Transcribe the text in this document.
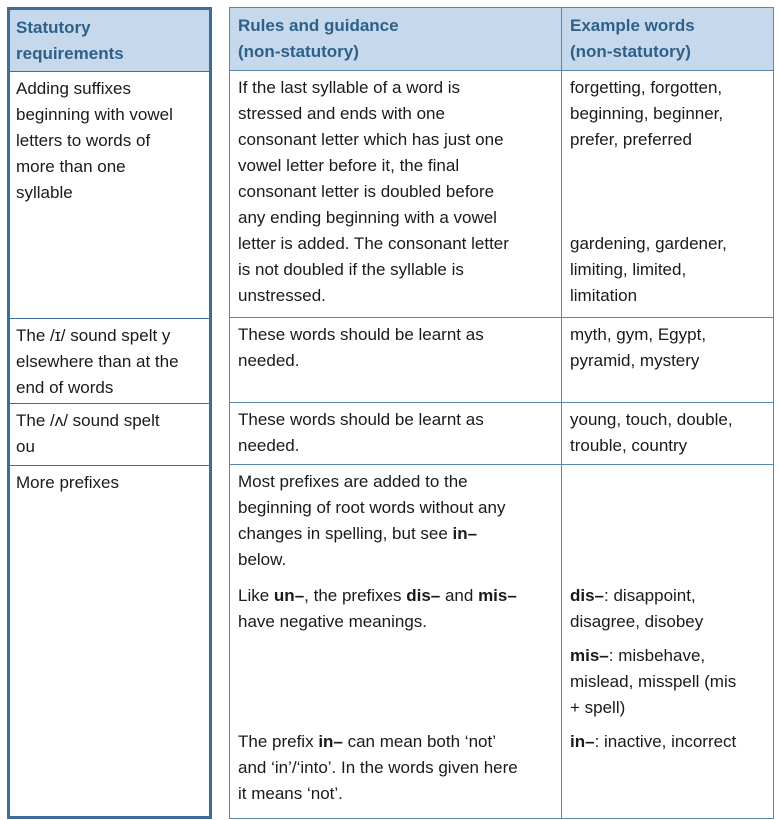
Statutory
requirements
Adding suffixes
beginning with vowel
letters to words of
more than one
syllable
The /ɪ/ sound spelt y
elsewhere than at the
end of words
The /ʌ/ sound spelt
ou
More prefixes
Rules and guidance
(non-statutory)
Example words
(non-statutory)
If the last syllable of a word is
stressed and ends with one
consonant letter which has just one
vowel letter before it, the final
consonant letter is doubled before
any ending beginning with a vowel
letter is added. The consonant letter
is not doubled if the syllable is
unstressed.
forgetting, forgotten,
beginning, beginner,
prefer, preferred
gardening, gardener,
limiting, limited,
limitation
These words should be learnt as
needed.
myth, gym, Egypt,
pyramid, mystery
These words should be learnt as
needed.
young, touch, double,
trouble, country
Most prefixes are added to the
beginning of root words without any
changes in spelling, but see in–
below.
Like un–, the prefixes dis– and mis–
have negative meanings.
dis–: disappoint,
disagree, disobey
mis–: misbehave,
mislead, misspell (mis
+ spell)
The prefix in– can mean both ‘not’
and ‘in’/‘into’. In the words given here
it means ‘not’.
in–: inactive, incorrect
